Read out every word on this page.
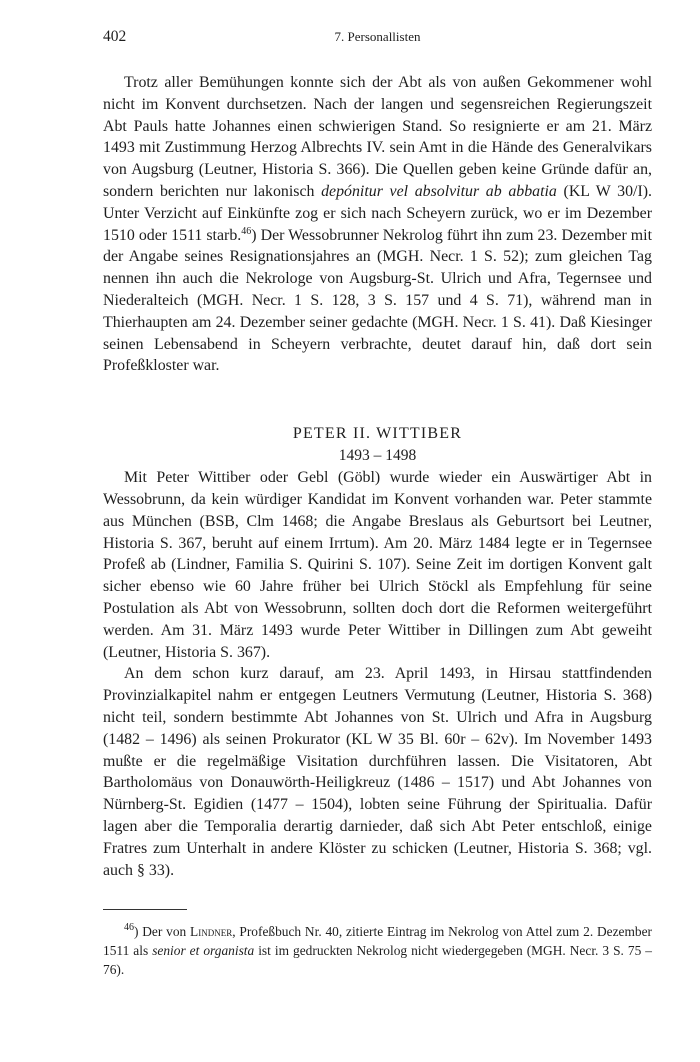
402	7. Personallisten

Trotz aller Bemühungen konnte sich der Abt als von außen Gekommener wohl nicht im Konvent durchsetzen. Nach der langen und segensreichen Regierungszeit Abt Pauls hatte Johannes einen schwierigen Stand. So resignierte er am 21. März 1493 mit Zustimmung Herzog Albrechts IV. sein Amt in die Hände des Generalvikars von Augsburg (Leutner, Historia S. 366). Die Quellen geben keine Gründe dafür an, sondern berichten nur lakonisch depónitur vel absolvitur ab abbatia (KL W 30/I). Unter Verzicht auf Einkünfte zog er sich nach Scheyern zurück, wo er im Dezember 1510 oder 1511 starb.$^{46}$) Der Wessobrunner Nekrolog führt ihn zum 23. Dezember mit der Angabe seines Resignationsjahres an (MGH. Necr. 1 S. 52); zum gleichen Tag nennen ihn auch die Nekrologe von Augsburg-St. Ulrich und Afra, Tegernsee und Niederalteich (MGH. Necr. 1 S. 128, 3 S. 157 und 4 S. 71), während man in Thierhaupten am 24. Dezember seiner gedachte (MGH. Necr. 1 S. 41). Daß Kiesinger seinen Lebensabend in Scheyern verbrachte, deutet darauf hin, daß dort sein Profeßkloster war.

PETER II. WITTIBER
1493 – 1498

Mit Peter Wittiber oder Gebl (Göbl) wurde wieder ein Auswärtiger Abt in Wessobrunn, da kein würdiger Kandidat im Konvent vorhanden war. Peter stammte aus München (BSB, Clm 1468; die Angabe Breslaus als Geburtsort bei Leutner, Historia S. 367, beruht auf einem Irrtum). Am 20. März 1484 legte er in Tegernsee Profeß ab (Lindner, Familia S. Quirini S. 107). Seine Zeit im dortigen Konvent galt sicher ebenso wie 60 Jahre früher bei Ulrich Stöckl als Empfehlung für seine Postulation als Abt von Wessobrunn, sollten doch dort die Reformen weitergeführt werden. Am 31. März 1493 wurde Peter Wittiber in Dillingen zum Abt geweiht (Leutner, Historia S. 367).

An dem schon kurz darauf, am 23. April 1493, in Hirsau stattfindenden Provinzialkapitel nahm er entgegen Leutners Vermutung (Leutner, Historia S. 368) nicht teil, sondern bestimmte Abt Johannes von St. Ulrich und Afra in Augsburg (1482 – 1496) als seinen Prokurator (KL W 35 Bl. 60r – 62v). Im November 1493 mußte er die regelmäßige Visitation durchführen lassen. Die Visitatoren, Abt Bartholomäus von Donauwörth-Heiligkreuz (1486 – 1517) und Abt Johannes von Nürnberg-St. Egidien (1477 – 1504), lobten seine Führung der Spiritualia. Dafür lagen aber die Temporalia derartig darnieder, daß sich Abt Peter entschloß, einige Fratres zum Unterhalt in andere Klöster zu schicken (Leutner, Historia S. 368; vgl. auch § 33).

$^{46}$) Der von Lindner, Profeßbuch Nr. 40, zitierte Eintrag im Nekrolog von Attel zum 2. Dezember 1511 als senior et organista ist im gedruckten Nekrolog nicht wiedergegeben (MGH. Necr. 3 S. 75 – 76).
